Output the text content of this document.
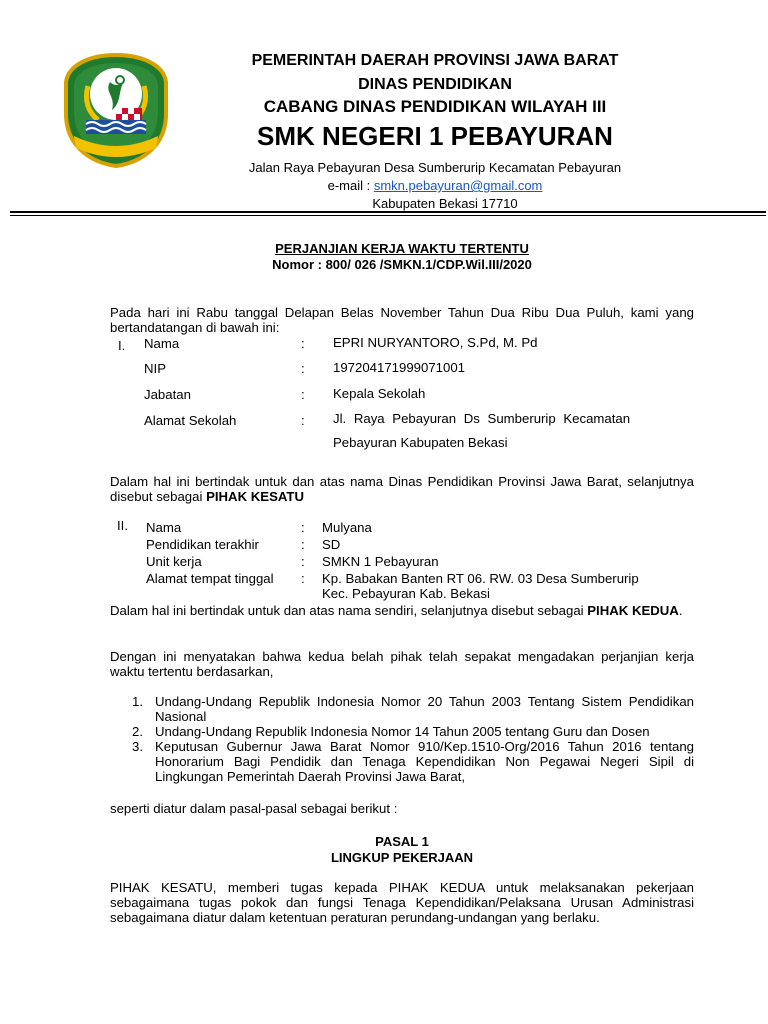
PEMERINTAH DAERAH PROVINSI JAWA BARAT
DINAS PENDIDIKAN
CABANG DINAS PENDIDIKAN WILAYAH III
SMK NEGERI 1 PEBAYURAN
Jalan Raya Pebayuran Desa Sumberurip Kecamatan Pebayuran
e-mail : smkn.pebayuran@gmail.com
Kabupaten Bekasi 17710
PERJANJIAN KERJA WAKTU TERTENTU
Nomor : 800/ 026 /SMKN.1/CDP.Wil.III/2020
Pada hari ini Rabu tanggal Delapan Belas November Tahun Dua Ribu Dua Puluh, kami yang bertandatangan di bawah ini:
I. Nama	: EPRI NURYANTORO, S.Pd, M. Pd
NIP	: 197204171999071001
Jabatan	: Kepala Sekolah
Alamat Sekolah	: Jl. Raya Pebayuran Ds Sumberurip Kecamatan
Pebayuran Kabupaten Bekasi
Dalam hal ini bertindak untuk dan atas nama Dinas Pendidikan Provinsi Jawa Barat, selanjutnya disebut sebagai PIHAK KESATU
II. Nama	: Mulyana
Pendidikan terakhir	: SD
Unit kerja	: SMKN 1 Pebayuran
Alamat tempat tinggal : Kp. Babakan Banten RT 06. RW. 03 Desa Sumberurip
Kec. Pebayuran Kab. Bekasi
Dalam hal ini bertindak untuk dan atas nama sendiri, selanjutnya disebut sebagai PIHAK KEDUA.
Dengan ini menyatakan bahwa kedua belah pihak telah sepakat mengadakan perjanjian kerja waktu tertentu berdasarkan,
1. Undang-Undang Republik Indonesia Nomor 20 Tahun 2003 Tentang Sistem Pendidikan Nasional
2. Undang-Undang Republik Indonesia Nomor 14 Tahun 2005 tentang Guru dan Dosen
3. Keputusan Gubernur Jawa Barat Nomor 910/Kep.1510-Org/2016 Tahun 2016 tentang Honorarium Bagi Pendidik dan Tenaga Kependidikan Non Pegawai Negeri Sipil di Lingkungan Pemerintah Daerah Provinsi Jawa Barat,
seperti diatur dalam pasal-pasal sebagai berikut :
PASAL 1
LINGKUP PEKERJAAN
PIHAK KESATU, memberi tugas kepada PIHAK KEDUA untuk melaksanakan pekerjaan sebagaimana tugas pokok dan fungsi Tenaga Kependidikan/Pelaksana Urusan Administrasi sebagaimana diatur dalam ketentuan peraturan perundang-undangan yang berlaku.
